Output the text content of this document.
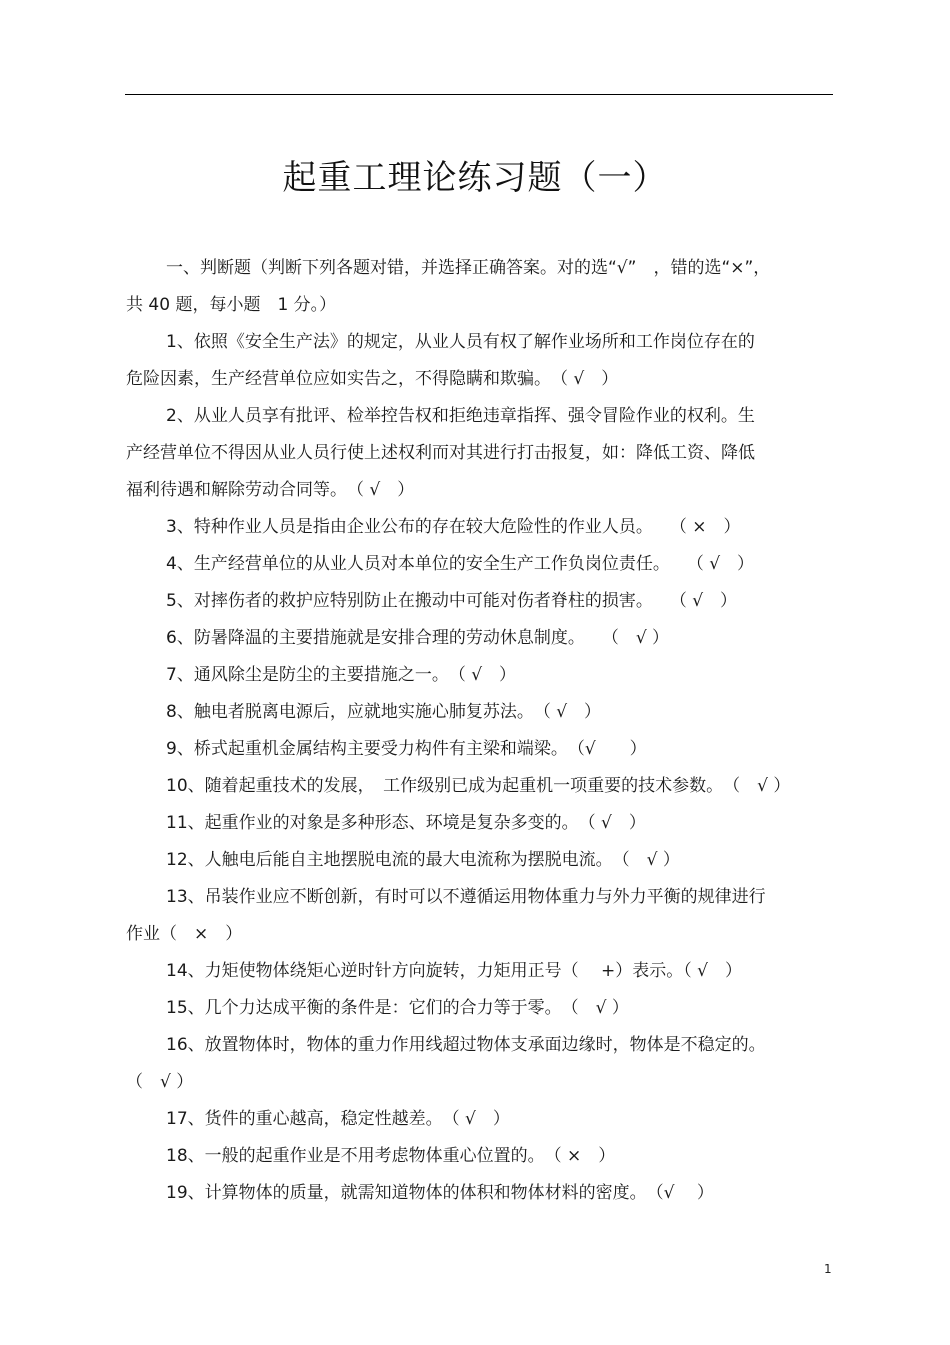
起重工理论练习题（一）
一、判断题（判断下列各题对错，并选择正确答案。对的选“√”　，错的选“×”，
共 40 题，每小题　1 分。）
1、依照《安全生产法》的规定，从业人员有权了解作业场所和工作岗位存在的
危险因素，生产经营单位应如实告之，不得隐瞒和欺骗。　（ √　）
2、从业人员享有批评、检举控告权和拒绝违章指挥、强令冒险作业的权利。生
产经营单位不得因从业人员行使上述权利而对其进行打击报复，如：降低工资、降低
福利待遇和解除劳动合同等。　（ √　）
3、特种作业人员是指由企业公布的存在较大危险性的作业人员。　　（ ×　）
4、生产经营单位的从业人员对本单位的安全生产工作负岗位责任。　　（ √　）
5、对摔伤者的救护应特别防止在搬动中可能对伤者脊柱的损害。　　（ √　）
6、防暑降温的主要措施就是安排合理的劳动休息制度。　　（　√ ）
7、通风除尘是防尘的主要措施之一。　（ √　）
8、触电者脱离电源后，应就地实施心肺复苏法。　（ √　）
9、桥式起重机金属结构主要受力构件有主梁和端梁。　（√　　）
10、随着起重技术的发展，　工作级别已成为起重机一项重要的技术参数。　（　√ ）
11、起重作业的对象是多种形态、环境是复杂多变的。　（ √　）
12、人触电后能自主地摆脱电流的最大电流称为摆脱电流。　（　√ ）
13、吊装作业应不断创新，有时可以不遵循运用物体重力与外力平衡的规律进行
作业（　×　）
14、力矩使物体绕矩心逆时针方向旋转，力矩用正号（　 +）表示。（ √　）
15、几个力达成平衡的条件是：它们的合力等于零。　（　√ ）
16、放置物体时，物体的重力作用线超过物体支承面边缘时，物体是不稳定的。
（　√ ）
17、货件的重心越高，稳定性越差。　（ √　）
18、一般的起重作业是不用考虑物体重心位置的。　（ ×　）
19、计算物体的质量，就需知道物体的体积和物体材料的密度。　（√　 ）
1
